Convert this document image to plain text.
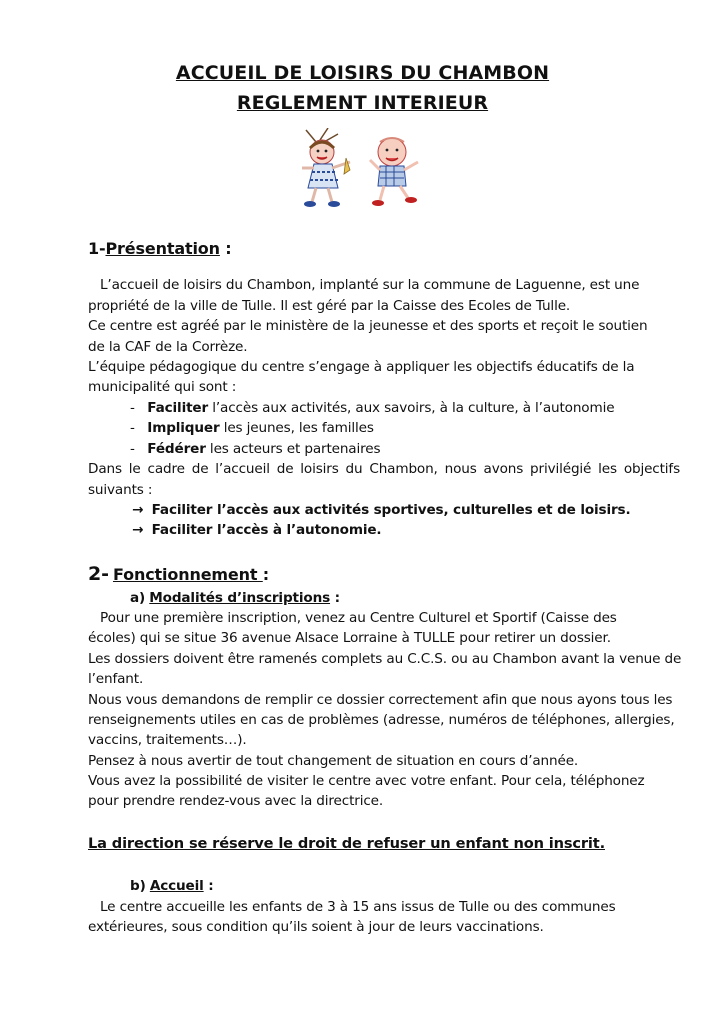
ACCUEIL DE LOISIRS DU CHAMBON
REGLEMENT INTERIEUR
1-Présentation :
L’accueil de loisirs du Chambon, implanté sur la commune de Laguenne, est une
propriété de la ville de Tulle. Il est géré par la Caisse des Ecoles de Tulle.
Ce centre est agréé par le ministère de la jeunesse et des sports et reçoit le soutien
de la CAF de la Corrèze.
L’équipe pédagogique du centre s’engage à appliquer les objectifs éducatifs de la
municipalité qui sont :
- Faciliter l’accès aux activités, aux savoirs, à la culture, à l’autonomie
- Impliquer les jeunes, les familles
- Fédérer les acteurs et partenaires
Dans le cadre de l’accueil de loisirs du Chambon, nous avons privilégié les objectifs
suivants :
→ Faciliter l’accès aux activités sportives, culturelles et de loisirs.
→ Faciliter l’accès à l’autonomie.
2- Fonctionnement :
a) Modalités d’inscriptions :
Pour une première inscription, venez au Centre Culturel et Sportif (Caisse des
écoles) qui se situe 36 avenue Alsace Lorraine à TULLE pour retirer un dossier.
Les dossiers doivent être ramenés complets au C.C.S. ou au Chambon avant la venue de
l’enfant.
Nous vous demandons de remplir ce dossier correctement afin que nous ayons tous les
renseignements utiles en cas de problèmes (adresse, numéros de téléphones, allergies,
vaccins, traitements…).
Pensez à nous avertir de tout changement de situation en cours d’année.
Vous avez la possibilité de visiter le centre avec votre enfant. Pour cela, téléphonez
pour prendre rendez-vous avec la directrice.
La direction se réserve le droit de refuser un enfant non inscrit.
b) Accueil :
Le centre accueille les enfants de 3 à 15 ans issus de Tulle ou des communes
extérieures, sous condition qu’ils soient à jour de leurs vaccinations.
